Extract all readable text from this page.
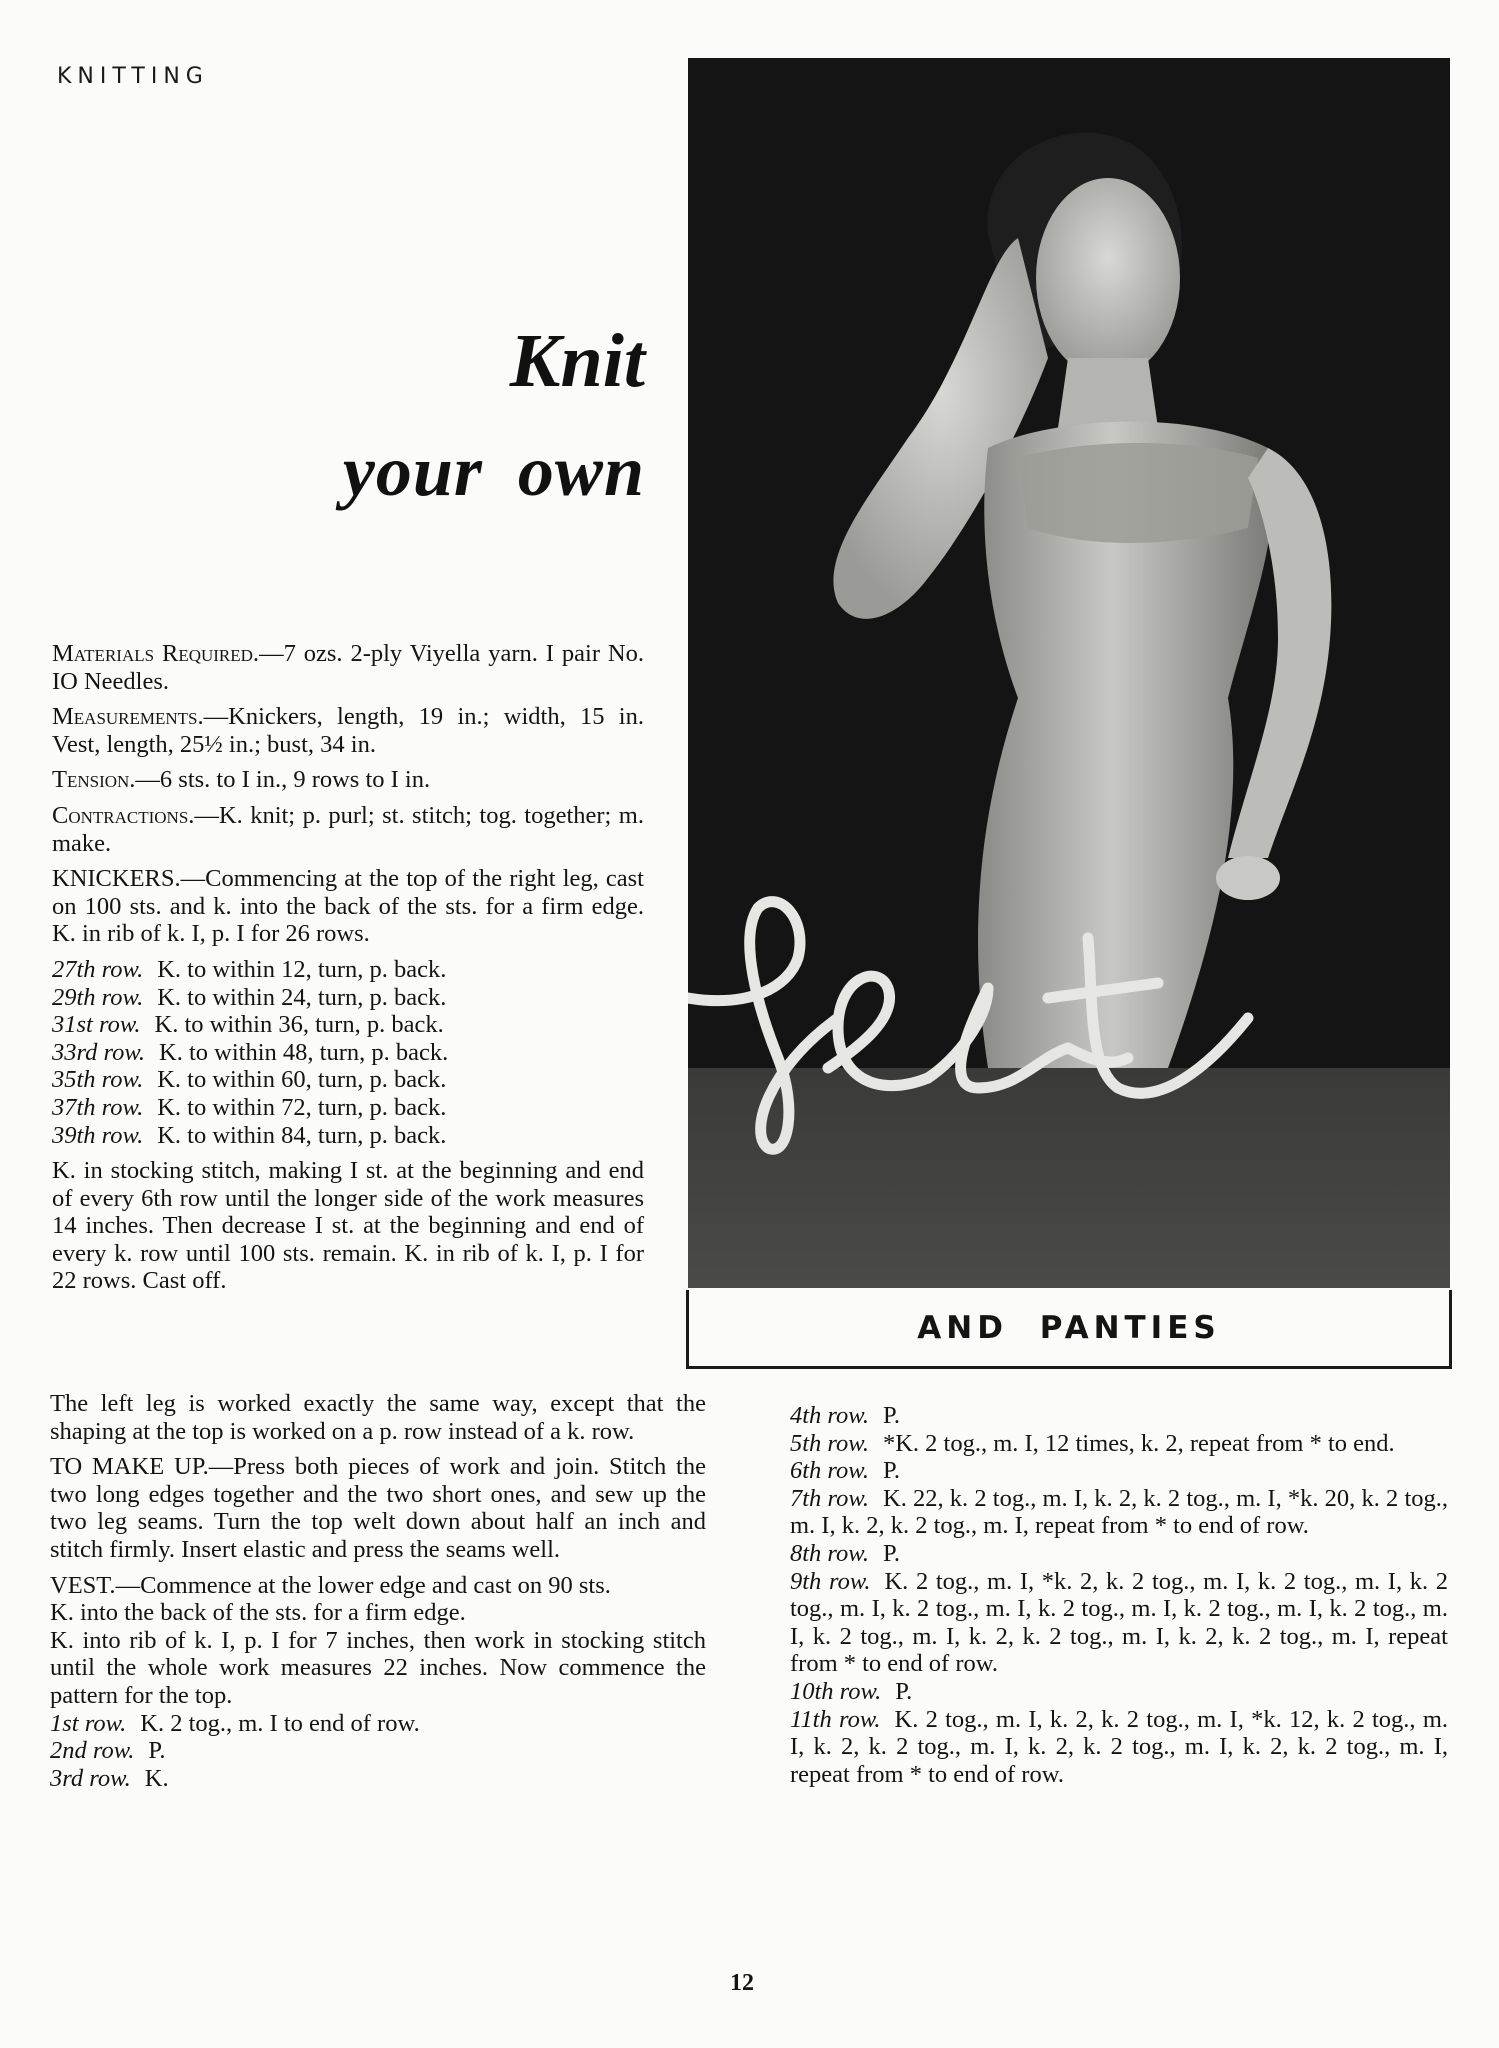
KNITTING
Knit
your own
AND PANTIES

Materials Required.—7 ozs. 2-ply Viyella yarn. I pair No. IO Needles.

Measurements.—Knickers, length, 19 in.; width, 15 in. Vest, length, 25½ in.; bust, 34 in.

Tension.—6 sts. to I in., 9 rows to I in.

Contractions.—K. knit; p. purl; st. stitch; tog. together; m. make.

KNICKERS.—Commencing at the top of the right leg, cast on 100 sts. and k. into the back of the sts. for a firm edge. K. in rib of k. I, p. I for 26 rows.

27th row. K. to within 12, turn, p. back.
29th row. K. to within 24, turn, p. back.
31st row. K. to within 36, turn, p. back.
33rd row. K. to within 48, turn, p. back.
35th row. K. to within 60, turn, p. back.
37th row. K. to within 72, turn, p. back.
39th row. K. to within 84, turn, p. back.

K. in stocking stitch, making I st. at the beginning and end of every 6th row until the longer side of the work measures 14 inches. Then decrease I st. at the beginning and end of every k. row until 100 sts. remain. K. in rib of k. I, p. I for 22 rows. Cast off.

The left leg is worked exactly the same way, except that the shaping at the top is worked on a p. row instead of a k. row.

TO MAKE UP.—Press both pieces of work and join. Stitch the two long edges together and the two short ones, and sew up the two leg seams. Turn the top welt down about half an inch and stitch firmly. Insert elastic and press the seams well.

VEST.—Commence at the lower edge and cast on 90 sts.

K. into the back of the sts. for a firm edge.

K. into rib of k. I, p. I for 7 inches, then work in stocking stitch until the whole work measures 22 inches. Now commence the pattern for the top.

1st row. K. 2 tog., m. I to end of row.
2nd row. P.
3rd row. K.

4th row. P.

5th row. *K. 2 tog., m. I, 12 times, k. 2, repeat from * to end.

6th row. P.

7th row. K. 22, k. 2 tog., m. I, k. 2, k. 2 tog., m. I, *k. 20, k. 2 tog., m. I, k. 2, k. 2 tog., m. I, repeat from * to end of row.

8th row. P.

9th row. K. 2 tog., m. I, *k. 2, k. 2 tog., m. I, k. 2 tog., m. I, k. 2 tog., m. I, k. 2 tog., m. I, k. 2 tog., m. I, k. 2 tog., m. I, k. 2 tog., m. I, k. 2 tog., m. I, k. 2, k. 2 tog., m. I, k. 2, k. 2 tog., m. I, repeat from * to end of row.

10th row. P.

11th row. K. 2 tog., m. I, k. 2, k. 2 tog., m. I, *k. 12, k. 2 tog., m. I, k. 2, k. 2 tog., m. I, k. 2, k. 2 tog., m. I, k. 2, k. 2 tog., m. I, repeat from * to end of row.

12
